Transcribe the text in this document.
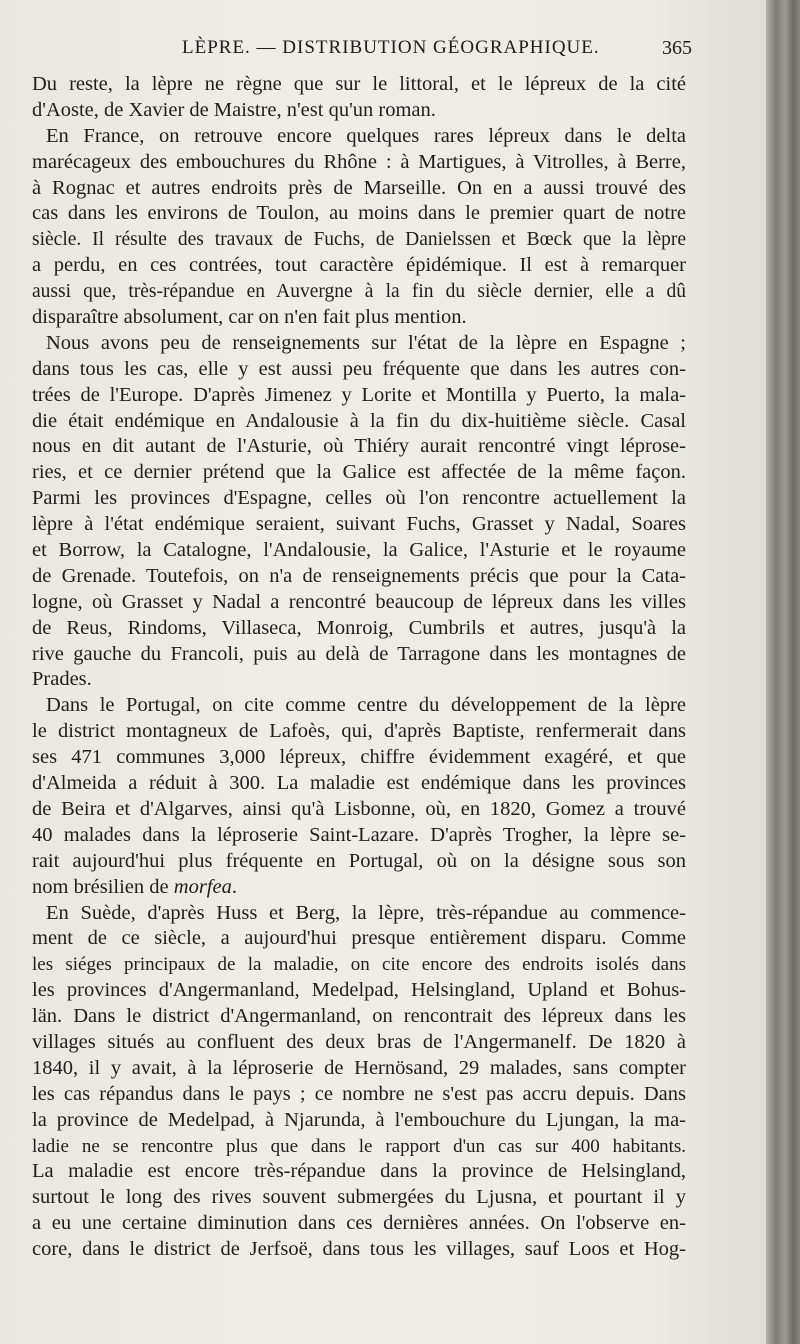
LÈPRE. — DISTRIBUTION GÉOGRAPHIQUE.	365
Du reste, la lèpre ne règne que sur le littoral, et le lépreux de la cité
d'Aoste, de Xavier de Maistre, n'est qu'un roman.
En France, on retrouve encore quelques rares lépreux dans le delta
marécageux des embouchures du Rhône : à Martigues, à Vitrolles, à Berre,
à Rognac et autres endroits près de Marseille. On en a aussi trouvé des
cas dans les environs de Toulon, au moins dans le premier quart de notre
siècle. Il résulte des travaux de Fuchs, de Danielssen et Bœck que la lèpre
a perdu, en ces contrées, tout caractère épidémique. Il est à remarquer
aussi que, très-répandue en Auvergne à la fin du siècle dernier, elle a dû
disparaître absolument, car on n'en fait plus mention.
Nous avons peu de renseignements sur l'état de la lèpre en Espagne ;
dans tous les cas, elle y est aussi peu fréquente que dans les autres con-
trées de l'Europe. D'après Jimenez y Lorite et Montilla y Puerto, la mala-
die était endémique en Andalousie à la fin du dix-huitième siècle. Casal
nous en dit autant de l'Asturie, où Thiéry aurait rencontré vingt léprose-
ries, et ce dernier prétend que la Galice est affectée de la même façon.
Parmi les provinces d'Espagne, celles où l'on rencontre actuellement la
lèpre à l'état endémique seraient, suivant Fuchs, Grasset y Nadal, Soares
et Borrow, la Catalogne, l'Andalousie, la Galice, l'Asturie et le royaume
de Grenade. Toutefois, on n'a de renseignements précis que pour la Cata-
logne, où Grasset y Nadal a rencontré beaucoup de lépreux dans les villes
de Reus, Rindoms, Villaseca, Monroig, Cumbrils et autres, jusqu'à la
rive gauche du Francoli, puis au delà de Tarragone dans les montagnes de
Prades.
Dans le Portugal, on cite comme centre du développement de la lèpre
le district montagneux de Lafoès, qui, d'après Baptiste, renfermerait dans
ses 471 communes 3,000 lépreux, chiffre évidemment exagéré, et que
d'Almeida a réduit à 300. La maladie est endémique dans les provinces
de Beira et d'Algarves, ainsi qu'à Lisbonne, où, en 1820, Gomez a trouvé
40 malades dans la léproserie Saint-Lazare. D'après Trogher, la lèpre se-
rait aujourd'hui plus fréquente en Portugal, où on la désigne sous son
nom brésilien de morfea.
En Suède, d'après Huss et Berg, la lèpre, très-répandue au commence-
ment de ce siècle, a aujourd'hui presque entièrement disparu. Comme
les siéges principaux de la maladie, on cite encore des endroits isolés dans
les provinces d'Angermanland, Medelpad, Helsingland, Upland et Bohus-
län. Dans le district d'Angermanland, on rencontrait des lépreux dans les
villages situés au confluent des deux bras de l'Angermanelf. De 1820 à
1840, il y avait, à la léproserie de Hernösand, 29 malades, sans compter
les cas répandus dans le pays ; ce nombre ne s'est pas accru depuis. Dans
la province de Medelpad, à Njarunda, à l'embouchure du Ljungan, la ma-
ladie ne se rencontre plus que dans le rapport d'un cas sur 400 habitants.
La maladie est encore très-répandue dans la province de Helsingland,
surtout le long des rives souvent submergées du Ljusna, et pourtant il y
a eu une certaine diminution dans ces dernières années. On l'observe en-
core, dans le district de Jerfsoë, dans tous les villages, sauf Loos et Hog-
